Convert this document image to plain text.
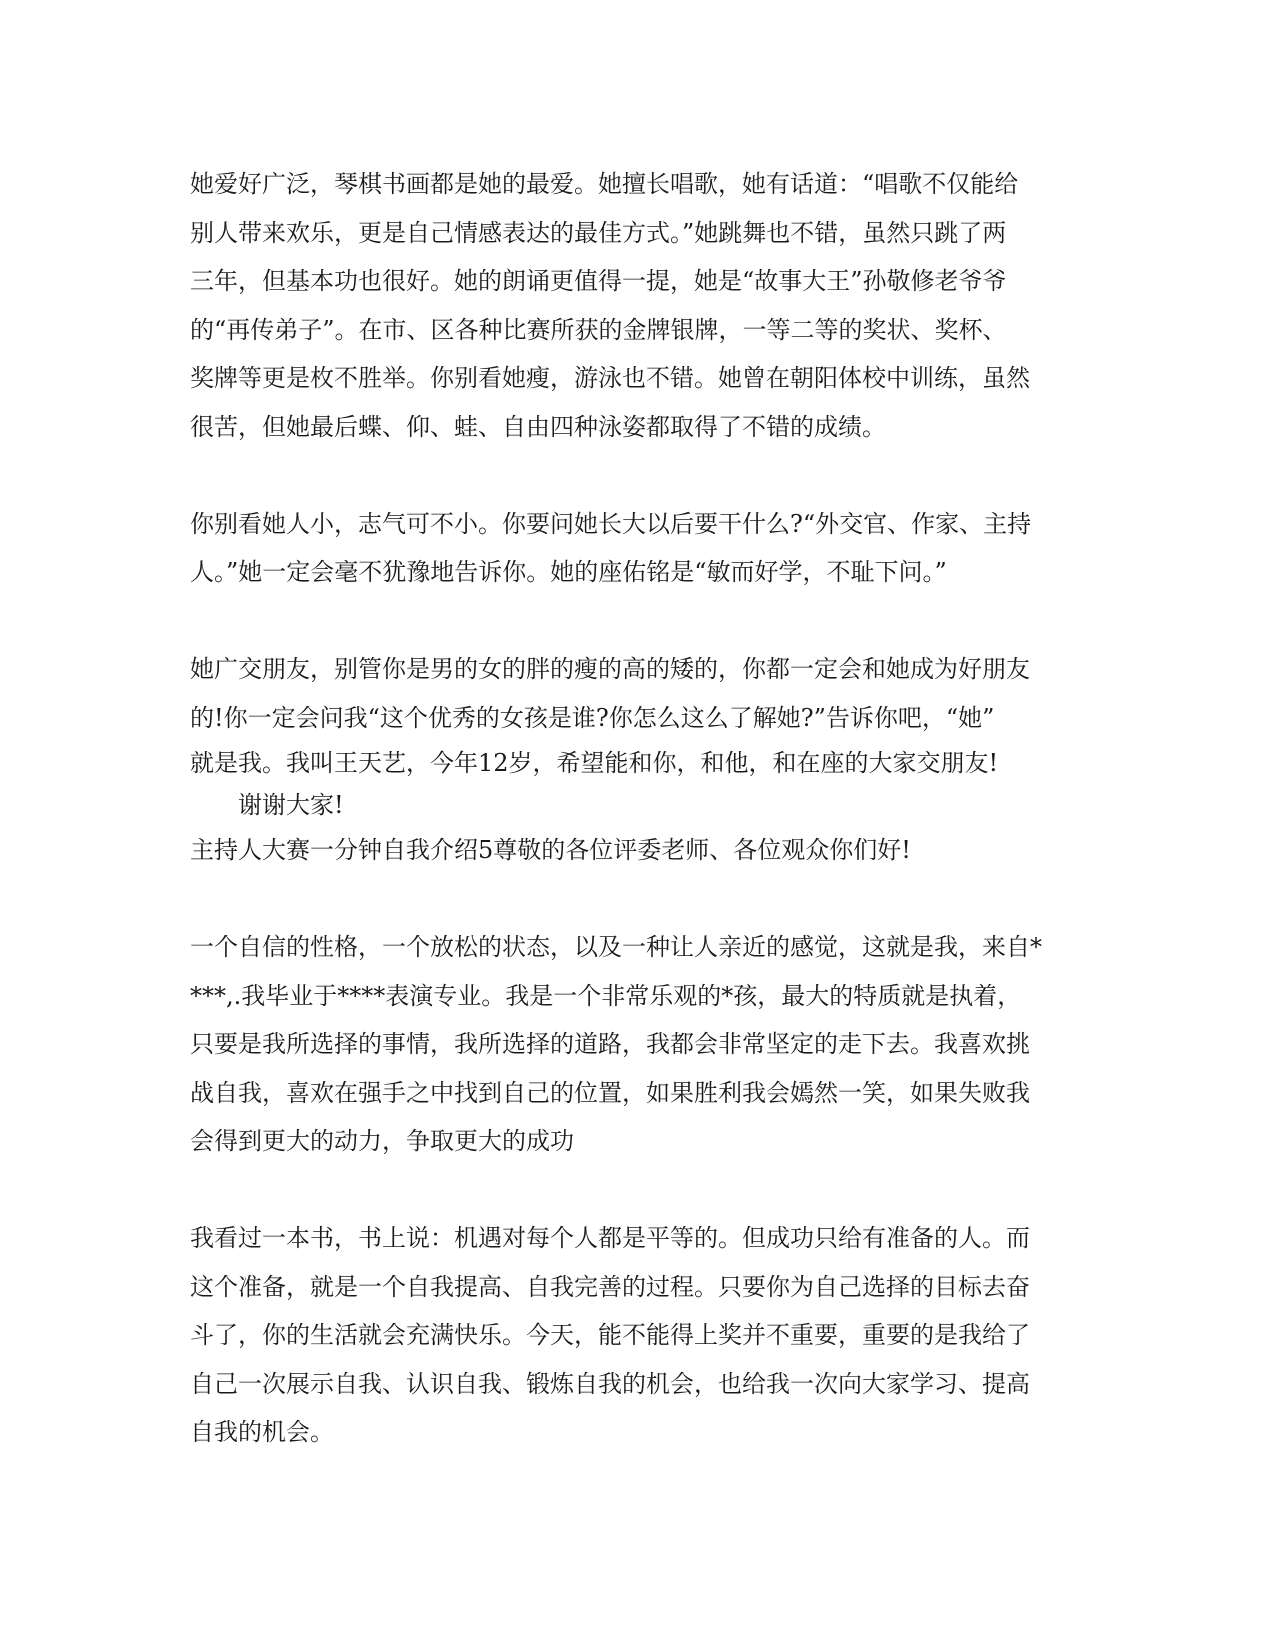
她爱好广泛，琴棋书画都是她的最爱。她擅长唱歌，她有话道：“唱歌不仅能给
别人带来欢乐，更是自己情感表达的最佳方式。”她跳舞也不错，虽然只跳了两
三年，但基本功也很好。她的朗诵更值得一提，她是“故事大王”孙敬修老爷爷
的“再传弟子”。在市、区各种比赛所获的金牌银牌，一等二等的奖状、奖杯、
奖牌等更是枚不胜举。你别看她瘦，游泳也不错。她曾在朝阳体校中训练，虽然
很苦，但她最后蝶、仰、蛙、自由四种泳姿都取得了不错的成绩。
你别看她人小，志气可不小。你要问她长大以后要干什么?“外交官、作家、主持
人。”她一定会毫不犹豫地告诉你。她的座佑铭是“敏而好学，不耻下问。”
她广交朋友，别管你是男的女的胖的瘦的高的矮的，你都一定会和她成为好朋友
的!你一定会问我“这个优秀的女孩是谁?你怎么这么了解她?”告诉你吧，“她”
就是我。我叫王天艺，今年12岁，希望能和你，和他，和在座的大家交朋友!
谢谢大家!
主持人大赛一分钟自我介绍5尊敬的各位评委老师、各位观众你们好!
一个自信的性格，一个放松的状态，以及一种让人亲近的感觉，这就是我，来自*
***,.我毕业于****表演专业。我是一个非常乐观的*孩，最大的特质就是执着，
只要是我所选择的事情，我所选择的道路，我都会非常坚定的走下去。我喜欢挑
战自我，喜欢在强手之中找到自己的位置，如果胜利我会嫣然一笑，如果失败我
会得到更大的动力，争取更大的成功
我看过一本书，书上说：机遇对每个人都是平等的。但成功只给有准备的人。而
这个准备，就是一个自我提高、自我完善的过程。只要你为自己选择的目标去奋
斗了，你的生活就会充满快乐。今天，能不能得上奖并不重要，重要的是我给了
自己一次展示自我、认识自我、锻炼自我的机会，也给我一次向大家学习、提高
自我的机会。
